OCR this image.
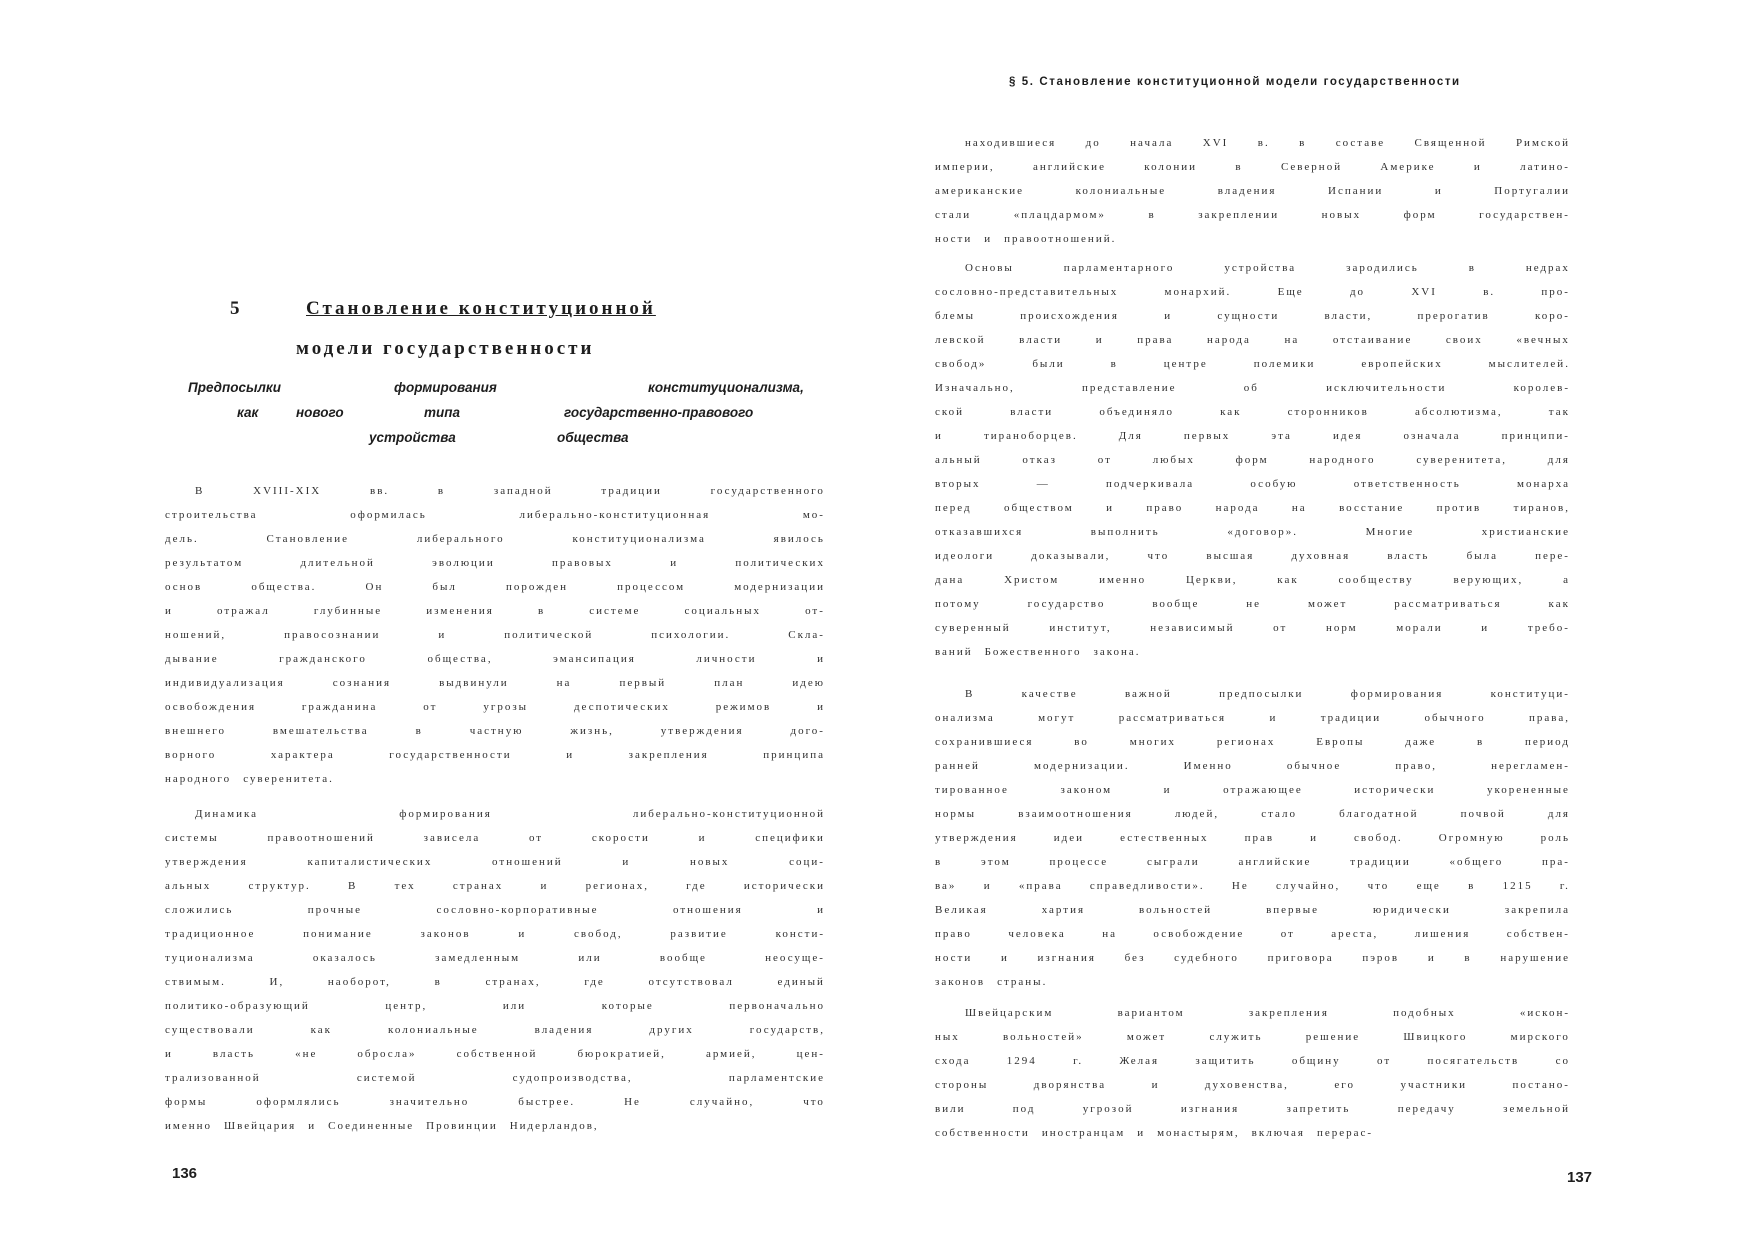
5	Становление конституционной
модели государственности
Предпосылки	формирования	конституционализма,
как	нового	типа	государственно-правового
устройства	общества
В	XVIII-XIX	вв.	в	западной	традиции	государственного
строительства	оформилась	либерально-конституционная	мо-
дель.	Становление	либерального	конституционализма	явилось
результатом	длительной	эволюции	правовых	и	политических
основ	общества.	Он	был	порожден	процессом	модернизации
и	отражал	глубинные	изменения	в	системе	социальных	от-
ношений,	правосознании	и	политической	психологии.	Скла-
дывание	гражданского	общества,	эмансипация	личности	и
индивидуализация	сознания	выдвинули	на	первый	план	идею
освобождения	гражданина	от	угрозы	деспотических	режимов	и
внешнего	вмешательства	в	частную	жизнь,	утверждения	дого-
ворного	характера	государственности	и	закрепления	принципа
народного суверенитета.
Динамика	формирования	либерально-конституционной
системы	правоотношений	зависела	от	скорости	и	специфики
утверждения	капиталистических	отношений	и	новых	соци-
альных	структур.	В	тех	странах	и	регионах,	где	исторически
сложились	прочные	сословно-корпоративные	отношения	и
традиционное	понимание	законов	и	свобод,	развитие	консти-
туционализма	оказалось	замедленным	или	вообще	неосуще-
ствимым.	И,	наоборот,	в	странах,	где	отсутствовал	единый
политико-образующий	центр,	или	которые	первоначально
существовали	как	колониальные	владения	других	государств,
и	власть	«не	обросла»	собственной	бюрократией,	армией,	цен-
трализованной	системой	судопроизводства,	парламентские
формы	оформлялись	значительно	быстрее.	Не	случайно,	что
именно Швейцария и Соединенные Провинции Нидерландов,
136
§ 5. Становление конституционной модели государственности
находившиеся	до	начала	XVI	в.	в	составе	Священной	Римской
империи,	английские	колонии	в	Северной	Америке	и	латино-
американские	колониальные	владения	Испании	и	Португалии
стали	«плацдармом»	в	закреплении	новых	форм	государствен-
ности и правоотношений.
Основы	парламентарного	устройства	зародились	в	недрах
сословно-представительных	монархий.	Еще	до	XVI	в.	про-
блемы	происхождения	и	сущности	власти,	прерогатив	коро-
левской	власти	и	права	народа	на	отстаивание	своих	«вечных
свобод»	были	в	центре	полемики	европейских	мыслителей.
Изначально,	представление	об	исключительности	королев-
ской	власти	объединяло	как	сторонников	абсолютизма,	так
и	тираноборцев.	Для	первых	эта	идея	означала	принципи-
альный	отказ	от	любых	форм	народного	суверенитета,	для
вторых	—	подчеркивала	особую	ответственность	монарха
перед	обществом	и	право	народа	на	восстание	против	тиранов,
отказавшихся	выполнить	«договор».	Многие	христианские
идеологи	доказывали,	что	высшая	духовная	власть	была	пере-
дана	Христом	именно	Церкви,	как	сообществу	верующих,	а
потому	государство	вообще	не	может	рассматриваться	как
суверенный	институт,	независимый	от	норм	морали	и	требо-
ваний Божественного закона.
В	качестве	важной	предпосылки	формирования	конституци-
онализма	могут	рассматриваться	и	традиции	обычного	права,
сохранившиеся	во	многих	регионах	Европы	даже	в	период
ранней	модернизации.	Именно	обычное	право,	нерегламен-
тированное	законом	и	отражающее	исторически	укорененные
нормы	взаимоотношения	людей,	стало	благодатной	почвой	для
утверждения	идеи	естественных	прав	и	свобод.	Огромную	роль
в	этом	процессе	сыграли	английские	традиции	«общего	пра-
ва» и «права справедливости». Не случайно, что еще в 1215 г.
Великая	хартия	вольностей	впервые	юридически	закрепила
право	человека	на	освобождение	от	ареста,	лишения	собствен-
ности	и	изгнания	без	судебного	приговора	пэров	и	в	нарушение
законов страны.
Швейцарским	вариантом	закрепления	подобных	«искон-
ных	вольностей»	может	служить	решение	Швицкого	мирского
схода	1294	г.	Желая	защитить	общину	от	посягательств	со
стороны	дворянства	и	духовенства,	его	участники	постано-
вили	под	угрозой	изгнания	запретить	передачу	земельной
собственности иностранцам и монастырям, включая перерас-
137
